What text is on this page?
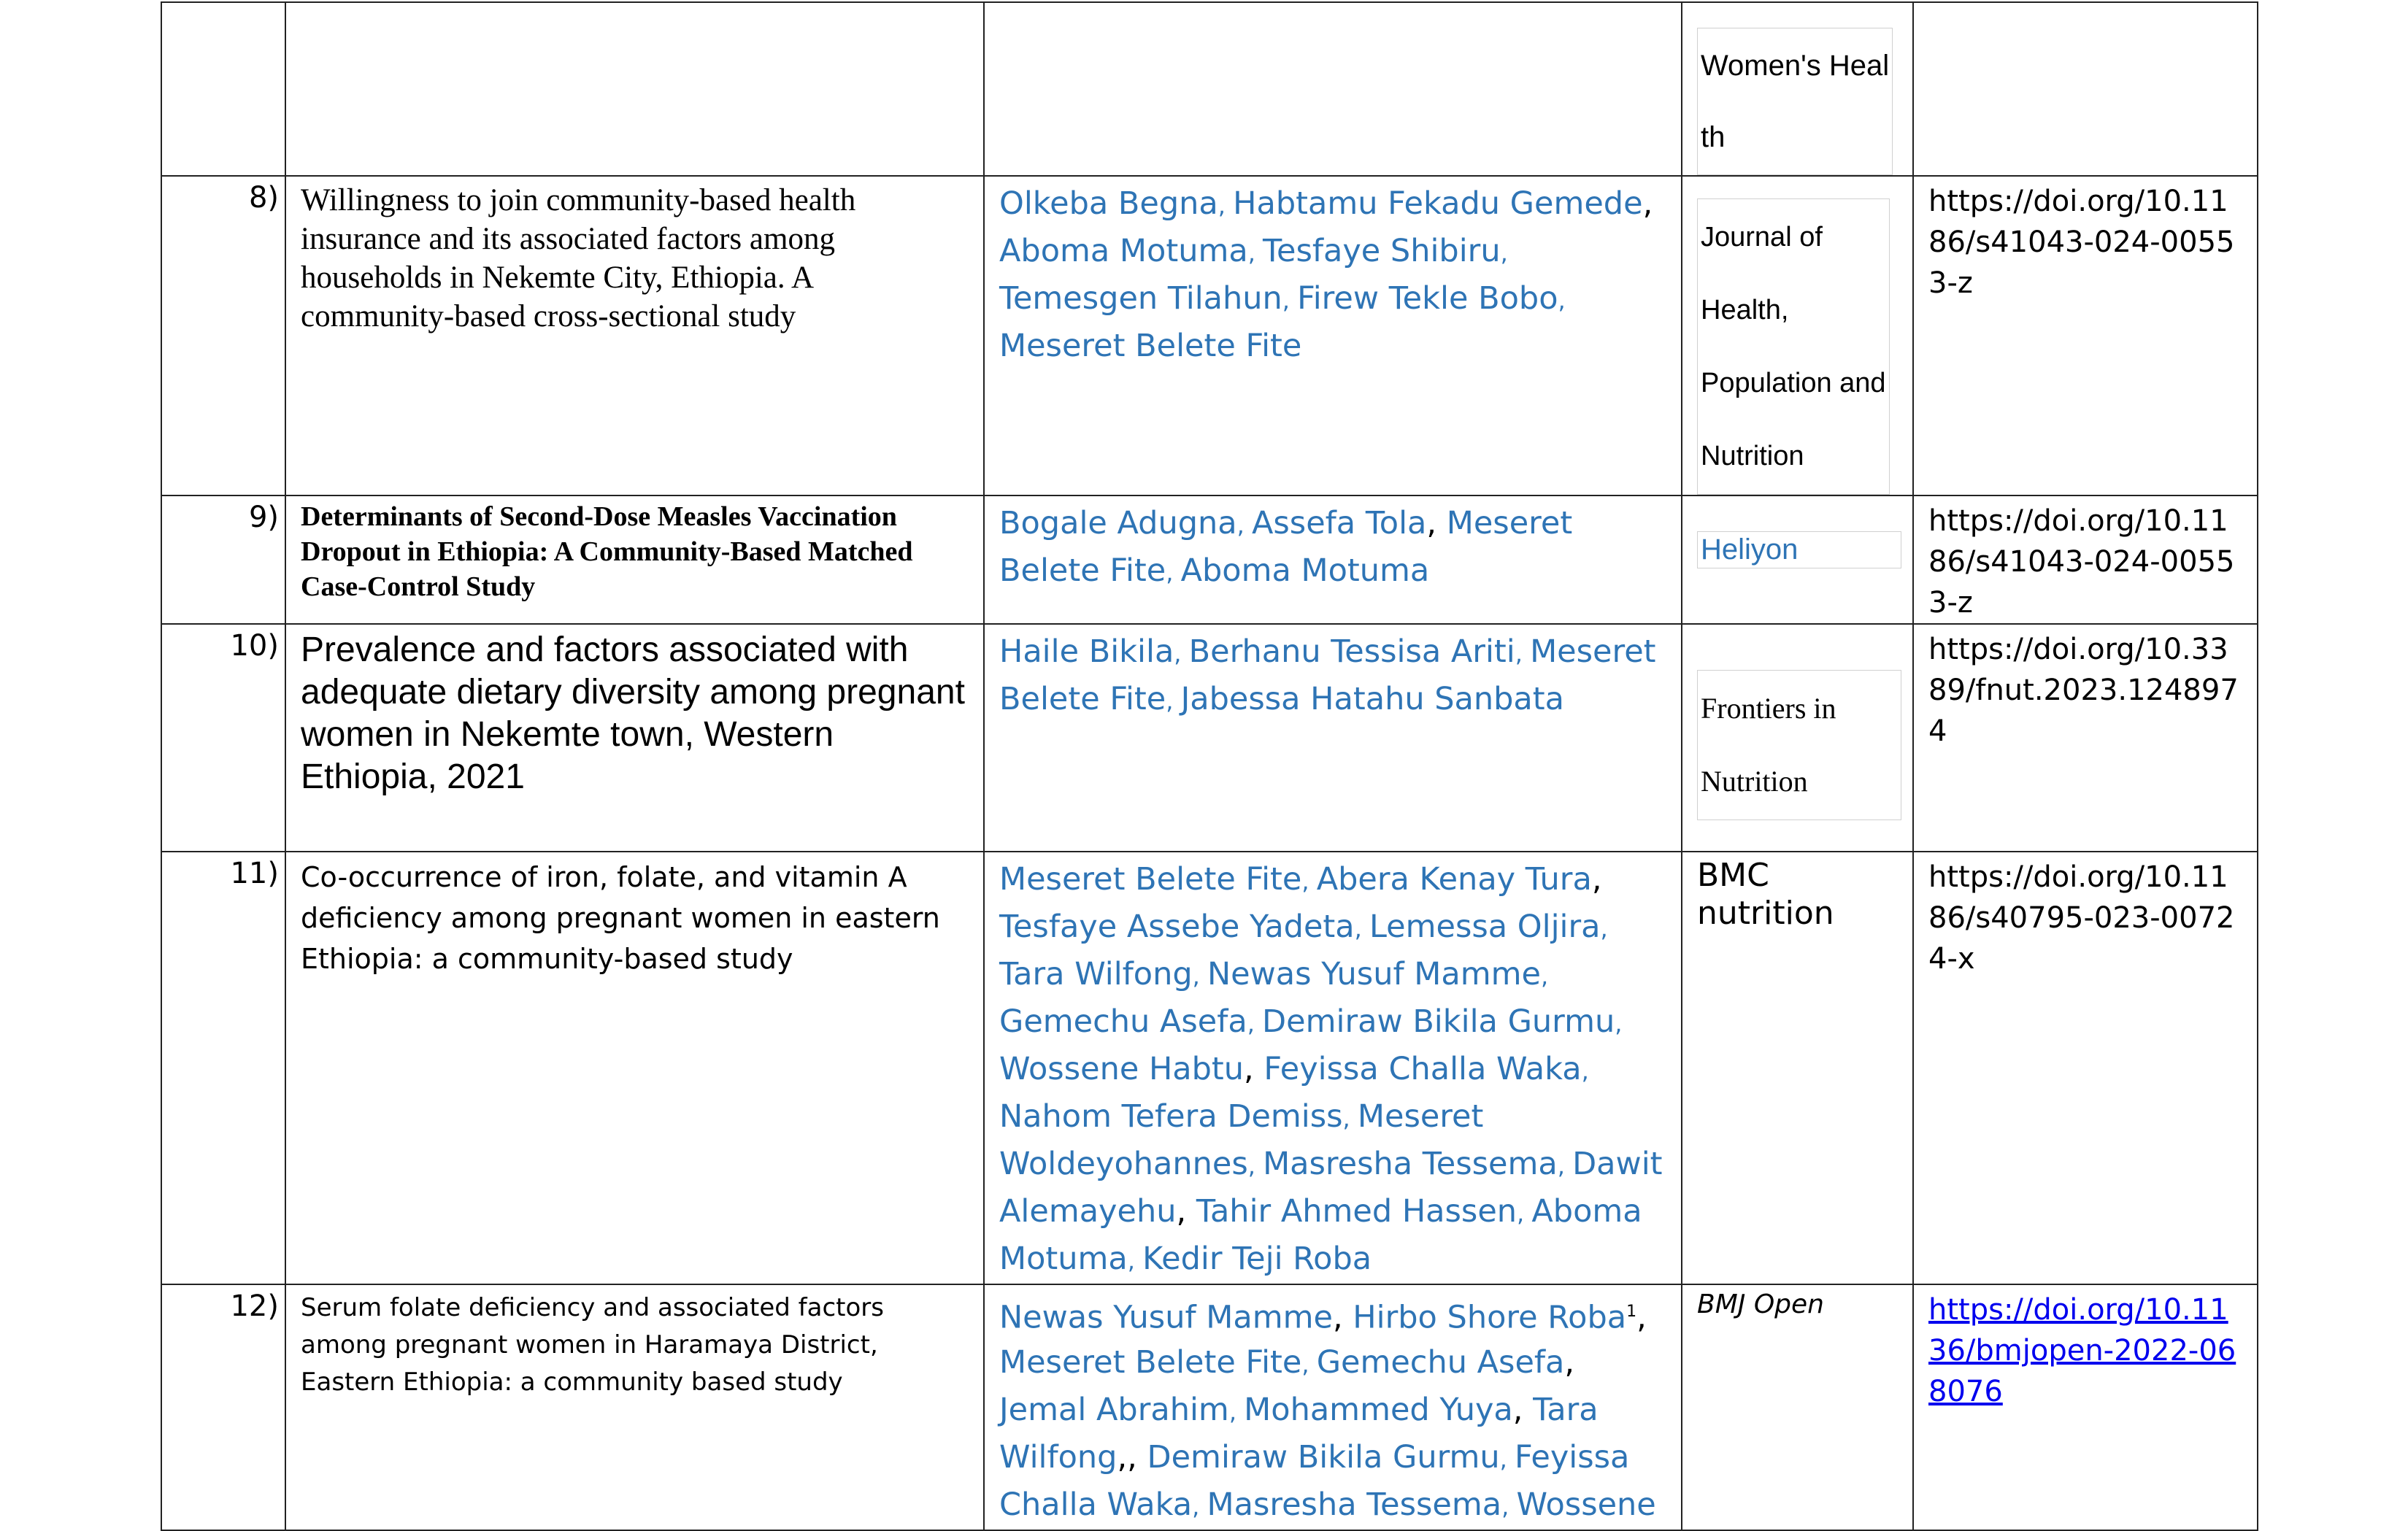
			Women's Heal
th	
8)	Willingness to join community-based health insurance and its associated factors among households in Nekemte City, Ethiopia. A community-based cross-sectional study	Olkeba Begna, Habtamu Fekadu Gemede, Aboma Motuma, Tesfaye Shibiru, Temesgen Tilahun, Firew Tekle Bobo, Meseret Belete Fite	Journal of
Health,
Population and
Nutrition	https://doi.org/10.1186/s41043-024-00553-z

9)	Determinants of Second-Dose Measles Vaccination Dropout in Ethiopia: A Community-Based Matched Case-Control Study	Bogale Adugna, Assefa Tola, Meseret Belete Fite, Aboma Motuma	Heliyon	https://doi.org/10.1186/s41043-024-00553-z

10)	Prevalence and factors associated with adequate dietary diversity among pregnant women in Nekemte town, Western Ethiopia, 2021	Haile Bikila, Berhanu Tessisa Ariti, Meseret Belete Fite, Jabessa Hatahu Sanbata	Frontiers in
Nutrition	https://doi.org/10.3389/fnut.2023.1248974

11)	Co-occurrence of iron, folate, and vitamin A deficiency among pregnant women in eastern Ethiopia: a community-based study	Meseret Belete Fite, Abera Kenay Tura, Tesfaye Assebe Yadeta, Lemessa Oljira, Tara Wilfong, Newas Yusuf Mamme, Gemechu Asefa, Demiraw Bikila Gurmu, Wossene Habtu, Feyissa Challa Waka, Nahom Tefera Demiss, Meseret Woldeyohannes, Masresha Tessema, Dawit Alemayehu, Tahir Ahmed Hassen, Aboma Motuma, Kedir Teji Roba	BMC
nutrition	https://doi.org/10.1186/s40795-023-00724-x

12)	Serum folate deficiency and associated factors among pregnant women in Haramaya District, Eastern Ethiopia: a community based study	Newas Yusuf Mamme, Hirbo Shore Roba$^1$, Meseret Belete Fite, Gemechu Asefa, Jemal Abrahim, Mohammed Yuya, Tara Wilfong,, Demiraw Bikila Gurmu, Feyissa Challa Waka, Masresha Tessema, Wossene	BMJ Open	https://doi.org/10.1136/bmjopen-2022-068076
